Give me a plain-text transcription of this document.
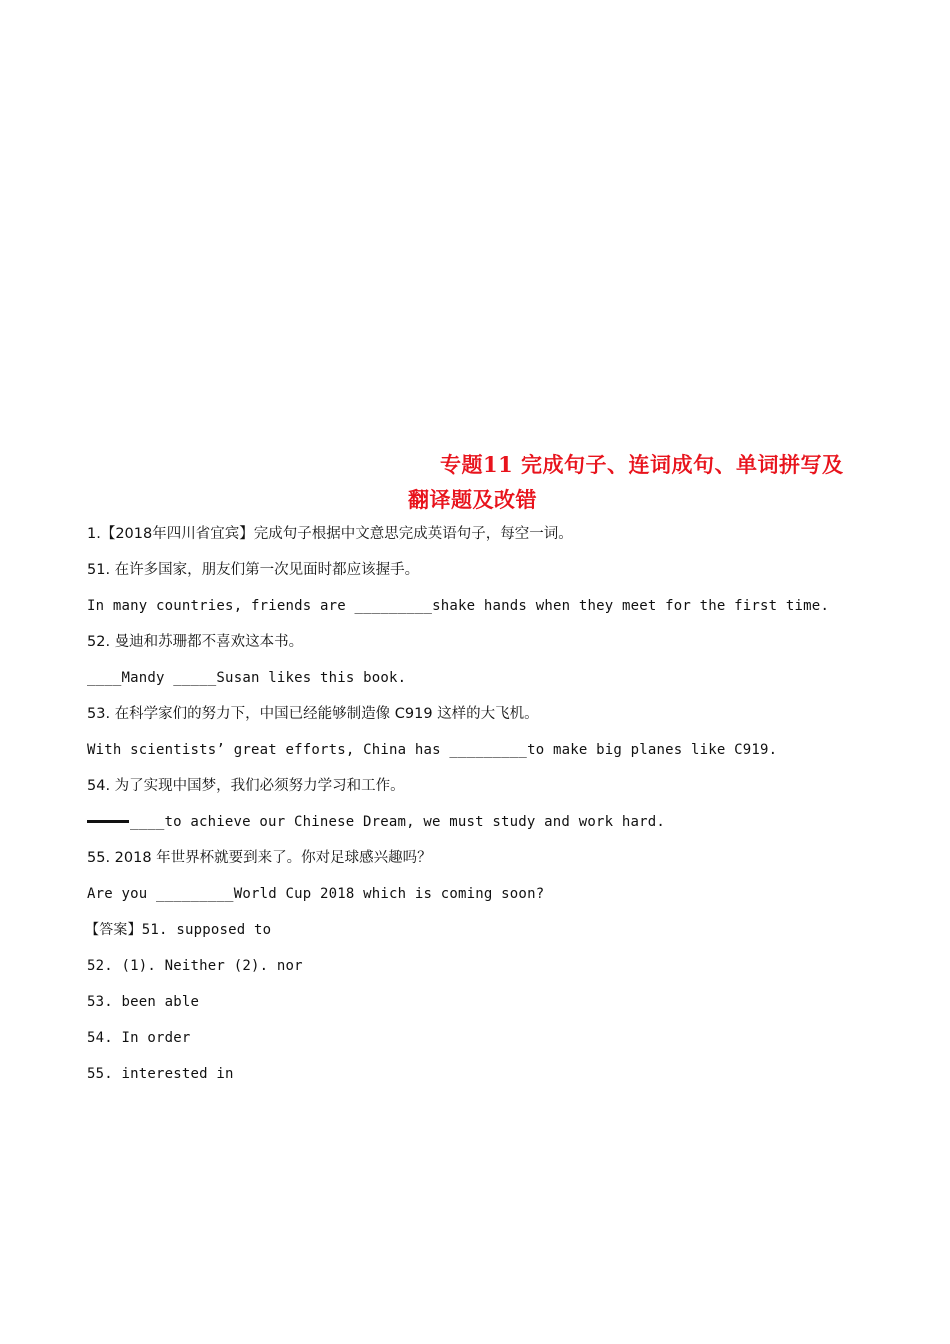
专题11 完成句子、连词成句、单词拼写及
翻译题及改错
1.【2018年四川省宜宾】完成句子根据中文意思完成英语句子，每空一词。
51. 在许多国家，朋友们第一次见面时都应该握手。
In many countries, friends are _________shake hands when they meet for the first time.
52. 曼迪和苏珊都不喜欢这本书。
____Mandy _____Susan likes this book.
53. 在科学家们的努力下，中国已经能够制造像 C919 这样的大飞机。
With scientists’ great efforts, China has _________to make big planes like C919.
54. 为了实现中国梦，我们必须努力学习和工作。
____to achieve our Chinese Dream, we must study and work hard.
55. 2018 年世界杯就要到来了。你对足球感兴趣吗？
Are you _________World Cup 2018 which is coming soon?
【答案】51. supposed to
52. (1). Neither (2). nor
53. been able
54. In order
55. interested in
